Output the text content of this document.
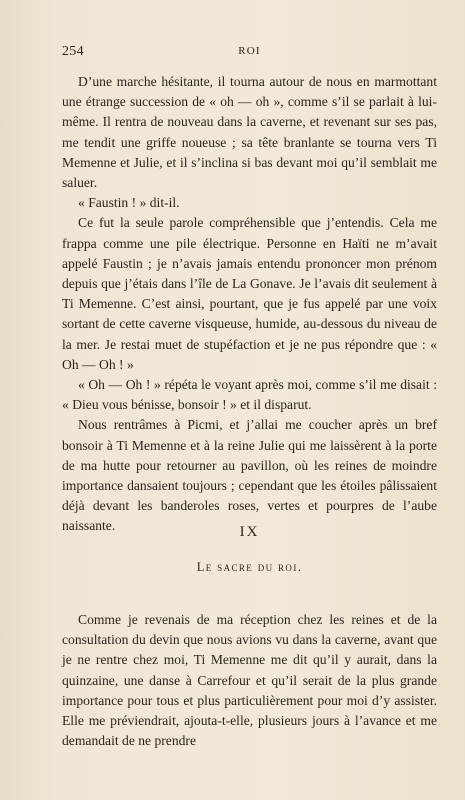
254	ROI

D’une marche hésitante, il tourna autour de nous en marmottant une étrange succession de « oh — oh », comme s’il se parlait à lui-même. Il rentra de nouveau dans la caverne, et revenant sur ses pas, me tendit une griffe noueuse ; sa tête branlante se tourna vers Ti Memenne et Julie, et il s’inclina si bas devant moi qu’il semblait me saluer.

« Faustin ! » dit-il.

Ce fut la seule parole compréhensible que j’entendis. Cela me frappa comme une pile électrique. Personne en Haïti ne m’avait appelé Faustin ; je n’avais jamais entendu prononcer mon prénom depuis que j’étais dans l’île de La Gonave. Je l’avais dit seulement à Ti Memenne. C’est ainsi, pourtant, que je fus appelé par une voix sortant de cette caverne visqueuse, humide, au-dessous du niveau de la mer. Je restai muet de stupéfaction et je ne pus répondre que : « Oh — Oh ! »

« Oh — Oh ! » répéta le voyant après moi, comme s’il me disait : « Dieu vous bénisse, bonsoir ! » et il disparut.

Nous rentrâmes à Picmi, et j’allai me coucher après un bref bonsoir à Ti Memenne et à la reine Julie qui me laissèrent à la porte de ma hutte pour retourner au pavillon, où les reines de moindre importance dansaient toujours ; cependant que les étoiles pâlissaient déjà devant les banderoles roses, vertes et pourpres de l’aube naissante.	IX
Le sacre du roi.

Comme je revenais de ma réception chez les reines et de la consultation du devin que nous avions vu dans la caverne, avant que je ne rentre chez moi, Ti Memenne me dit qu’il y aurait, dans la quinzaine, une danse à Carrefour et qu’il serait de la plus grande importance pour tous et plus particulièrement pour moi d’y assister. Elle me préviendrait, ajouta-t-elle, plusieurs jours à l’avance et me demandait de ne prendre
